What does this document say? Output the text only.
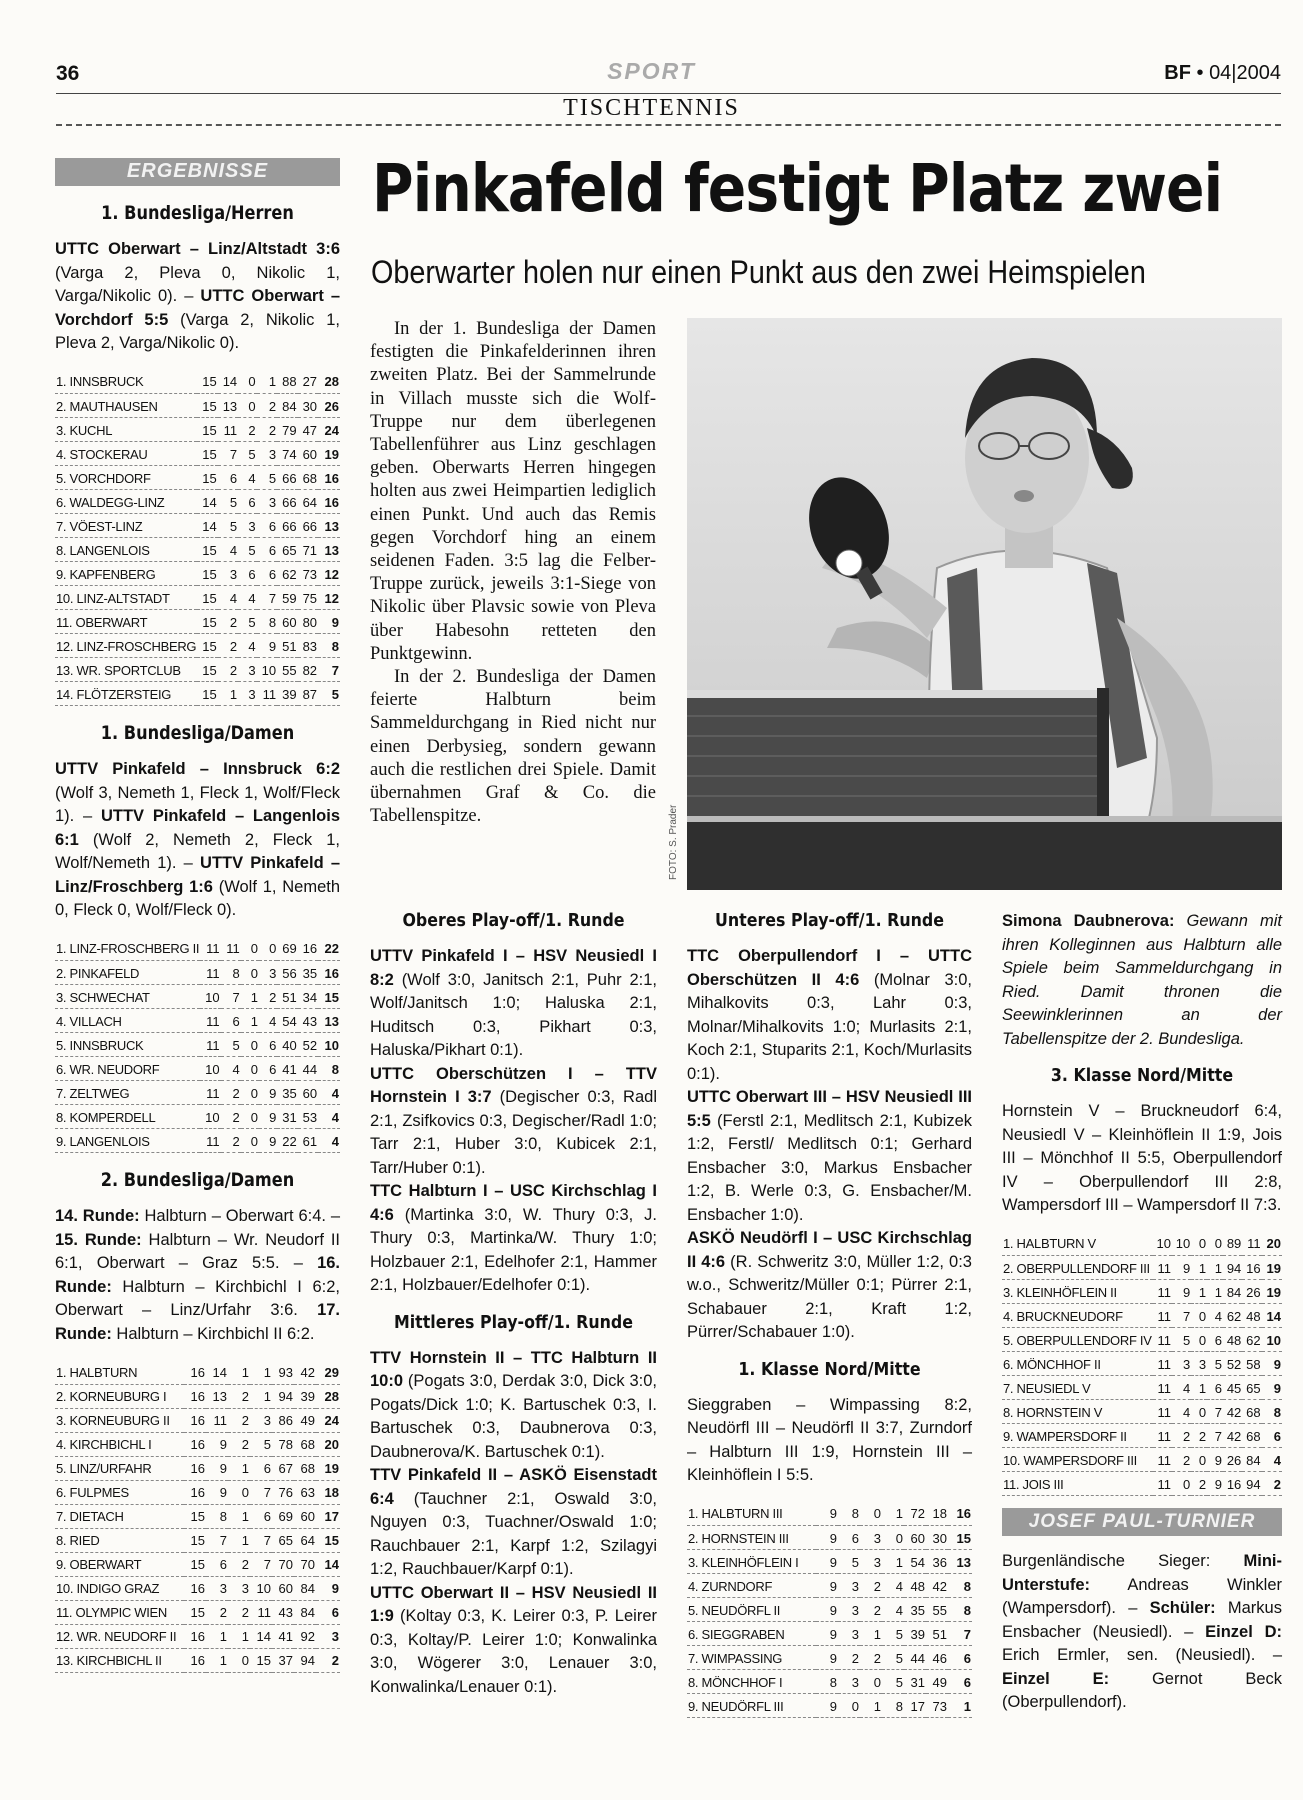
36	SPORT	BF • 04|2004
TISCHTENNIS
ERGEBNISSE
1. Bundesliga/Herren
UTTC Oberwart – Linz/Altstadt 3:6 (Varga 2, Pleva 0, Nikolic 1, Varga/Nikolic 0). – UTTC Oberwart – Vorchdorf 5:5 (Varga 2, Nikolic 1, Pleva 2, Varga/Nikolic 0).
1. INNSBRUCK	15	14	0	1	88	27	28
2. MAUTHAUSEN	15	13	0	2	84	30	26
3. KUCHL	15	11	2	2	79	47	24
4. STOCKERAU	15	7	5	3	74	60	19
5. VORCHDORF	15	6	4	5	66	68	16
6. WALDEGG-LINZ	14	5	6	3	66	64	16
7. VÖEST-LINZ	14	5	3	6	66	66	13
8. LANGENLOIS	15	4	5	6	65	71	13
9. KAPFENBERG	15	3	6	6	62	73	12
10. LINZ-ALTSTADT	15	4	4	7	59	75	12
11. OBERWART	15	2	5	8	60	80	9
12. LINZ-FROSCHBERG	15	2	4	9	51	83	8
13. WR. SPORTCLUB	15	2	3	10	55	82	7
14. FLÖTZERSTEIG	15	1	3	11	39	87	5
1. Bundesliga/Damen
UTTV Pinkafeld – Innsbruck 6:2 (Wolf 3, Nemeth 1, Fleck 1, Wolf/Fleck 1). – UTTV Pinkafeld – Langenlois 6:1 (Wolf 2, Nemeth 2, Fleck 1, Wolf/Nemeth 1). – UTTV Pinkafeld – Linz/Froschberg 1:6 (Wolf 1, Nemeth 0, Fleck 0, Wolf/Fleck 0).
1. LINZ-FROSCHBERG II	11	11	0	0	69	16	22
2. PINKAFELD	11	8	0	3	56	35	16
3. SCHWECHAT	10	7	1	2	51	34	15
4. VILLACH	11	6	1	4	54	43	13
5. INNSBRUCK	11	5	0	6	40	52	10
6. WR. NEUDORF	10	4	0	6	41	44	8
7. ZELTWEG	11	2	0	9	35	60	4
8. KOMPERDELL	10	2	0	9	31	53	4
9. LANGENLOIS	11	2	0	9	22	61	4
2. Bundesliga/Damen
14. Runde: Halbturn – Oberwart 6:4. – 15. Runde: Halbturn – Wr. Neudorf II 6:1, Oberwart – Graz 5:5. – 16. Runde: Halbturn – Kirchbichl I 6:2, Oberwart – Linz/Urfahr 3:6. 17. Runde: Halbturn – Kirchbichl II 6:2.
1. HALBTURN	16	14	1	1	93	42	29
2. KORNEUBURG I	16	13	2	1	94	39	28
3. KORNEUBURG II	16	11	2	3	86	49	24
4. KIRCHBICHL I	16	9	2	5	78	68	20
5. LINZ/URFAHR	16	9	1	6	67	68	19
6. FULPMES	16	9	0	7	76	63	18
7. DIETACH	15	8	1	6	69	60	17
8. RIED	15	7	1	7	65	64	15
9. OBERWART	15	6	2	7	70	70	14
10. INDIGO GRAZ	16	3	3	10	60	84	9
11. OLYMPIC WIEN	15	2	2	11	43	84	6
12. WR. NEUDORF II	16	1	1	14	41	92	3
13. KIRCHBICHL II	16	1	0	15	37	94	2
Pinkafeld festigt Platz zwei
Oberwarter holen nur einen Punkt aus den zwei Heimspielen

In der 1. Bundesliga der Damen festigten die Pinkafelderinnen ihren zweiten Platz. Bei der Sammelrunde in Villach musste sich die Wolf-Truppe nur dem überlegenen Tabellenführer aus Linz geschlagen geben. Oberwarts Herren hingegen holten aus zwei Heimpartien lediglich einen Punkt. Und auch das Remis gegen Vorchdorf hing an einem seidenen Faden. 3:5 lag die Felber-Truppe zurück, jeweils 3:1-Siege von Nikolic über Plavsic sowie von Pleva über Habesohn retteten den Punktgewinn.

In der 2. Bundesliga der Damen feierte Halbturn beim Sammeldurchgang in Ried nicht nur einen Derbysieg, sondern gewann auch die restlichen drei Spiele. Damit übernahmen Graf & Co. die Tabellenspitze.	FOTO: S. Prader
Oberes Play-off/1. Runde
UTTV Pinkafeld I – HSV Neusiedl I 8:2 (Wolf 3:0, Janitsch 2:1, Puhr 2:1, Wolf/Janitsch 1:0; Haluska 2:1, Huditsch 0:3, Pikhart 0:3, Haluska/Pikhart 0:1).
UTTC Oberschützen I – TTV Hornstein I 3:7 (Degischer 0:3, Radl 2:1, Zsifkovics 0:3, Degischer/Radl 1:0; Tarr 2:1, Huber 3:0, Kubicek 2:1, Tarr/Huber 0:1).
TTC Halbturn I – USC Kirchschlag I 4:6 (Martinka 3:0, W. Thury 0:3, J. Thury 0:3, Martinka/W. Thury 1:0; Holzbauer 2:1, Edelhofer 2:1, Hammer 2:1, Holzbauer/Edelhofer 0:1).
Mittleres Play-off/1. Runde
TTV Hornstein II – TTC Halbturn II 10:0 (Pogats 3:0, Derdak 3:0, Dick 3:0, Pogats/Dick 1:0; K. Bartuschek 0:3, I. Bartuschek 0:3, Daubnerova 0:3, Daubnerova/K. Bartuschek 0:1).
TTV Pinkafeld II – ASKÖ Eisenstadt 6:4 (Tauchner 2:1, Oswald 3:0, Nguyen 0:3, Tuachner/Oswald 1:0; Rauchbauer 2:1, Karpf 1:2, Szilagyi 1:2, Rauchbauer/Karpf 0:1).
UTTC Oberwart II – HSV Neusiedl II 1:9 (Koltay 0:3, K. Leirer 0:3, P. Leirer 0:3, Koltay/P. Leirer 1:0; Konwalinka 3:0, Wögerer 3:0, Lenauer 3:0, Konwalinka/Lenauer 0:1).
Unteres Play-off/1. Runde
TTC Oberpullendorf I – UTTC Oberschützen II 4:6 (Molnar 3:0, Mihalkovits 0:3, Lahr 0:3, Molnar/Mihalkovits 1:0; Murlasits 2:1, Koch 2:1, Stuparits 2:1, Koch/Murlasits 0:1).
UTTC Oberwart III – HSV Neusiedl III 5:5 (Ferstl 2:1, Medlitsch 2:1, Kubizek 1:2, Ferstl/ Medlitsch 0:1; Gerhard Ensbacher 3:0, Markus Ensbacher 1:2, B. Werle 0:3, G. Ensbacher/M. Ensbacher 1:0).
ASKÖ Neudörfl I – USC Kirchschlag II 4:6 (R. Schweritz 3:0, Müller 1:2, 0:3 w.o., Schweritz/Müller 0:1; Pürrer 2:1, Schabauer 2:1, Kraft 1:2, Pürrer/Schabauer 1:0).
1. Klasse Nord/Mitte
Sieggraben – Wimpassing 8:2, Neudörfl III – Neudörfl II 3:7, Zurndorf – Halbturn III 1:9, Hornstein III – Kleinhöflein I 5:5.
1. HALBTURN III	9	8	0	1	72	18	16
2. HORNSTEIN III	9	6	3	0	60	30	15
3. KLEINHÖFLEIN I	9	5	3	1	54	36	13
4. ZURNDORF	9	3	2	4	48	42	8
5. NEUDÖRFL II	9	3	2	4	35	55	8
6. SIEGGRABEN	9	3	1	5	39	51	7
7. WIMPASSING	9	2	2	5	44	46	6
8. MÖNCHHOF I	8	3	0	5	31	49	6
9. NEUDÖRFL III	9	0	1	8	17	73	1
Simona Daubnerova: Gewann mit ihren Kolleginnen aus Halbturn alle Spiele beim Sammeldurchgang in Ried. Damit thronen die Seewinklerinnen an der Tabellenspitze der 2. Bundesliga.
3. Klasse Nord/Mitte
Hornstein V – Bruckneudorf 6:4, Neusiedl V – Kleinhöflein II 1:9, Jois III – Mönchhof II 5:5, Oberpullendorf IV – Oberpullendorf III 2:8, Wampersdorf III – Wampersdorf II 7:3.
1. HALBTURN V	10	10	0	0	89	11	20
2. OBERPULLENDORF III	11	9	1	1	94	16	19
3. KLEINHÖFLEIN II	11	9	1	1	84	26	19
4. BRUCKNEUDORF	11	7	0	4	62	48	14
5. OBERPULLENDORF IV	11	5	0	6	48	62	10
6. MÖNCHHOF II	11	3	3	5	52	58	9
7. NEUSIEDL V	11	4	1	6	45	65	9
8. HORNSTEIN V	11	4	0	7	42	68	8
9. WAMPERSDORF II	11	2	2	7	42	68	6
10. WAMPERSDORF III	11	2	0	9	26	84	4
11. JOIS III	11	0	2	9	16	94	2
JOSEF PAUL-TURNIER
Burgenländische Sieger: Mini-Unterstufe: Andreas Winkler (Wampersdorf). – Schüler: Markus Ensbacher (Neusiedl). – Einzel D: Erich Ermler, sen. (Neusiedl). – Einzel E: Gernot Beck (Oberpullendorf).
